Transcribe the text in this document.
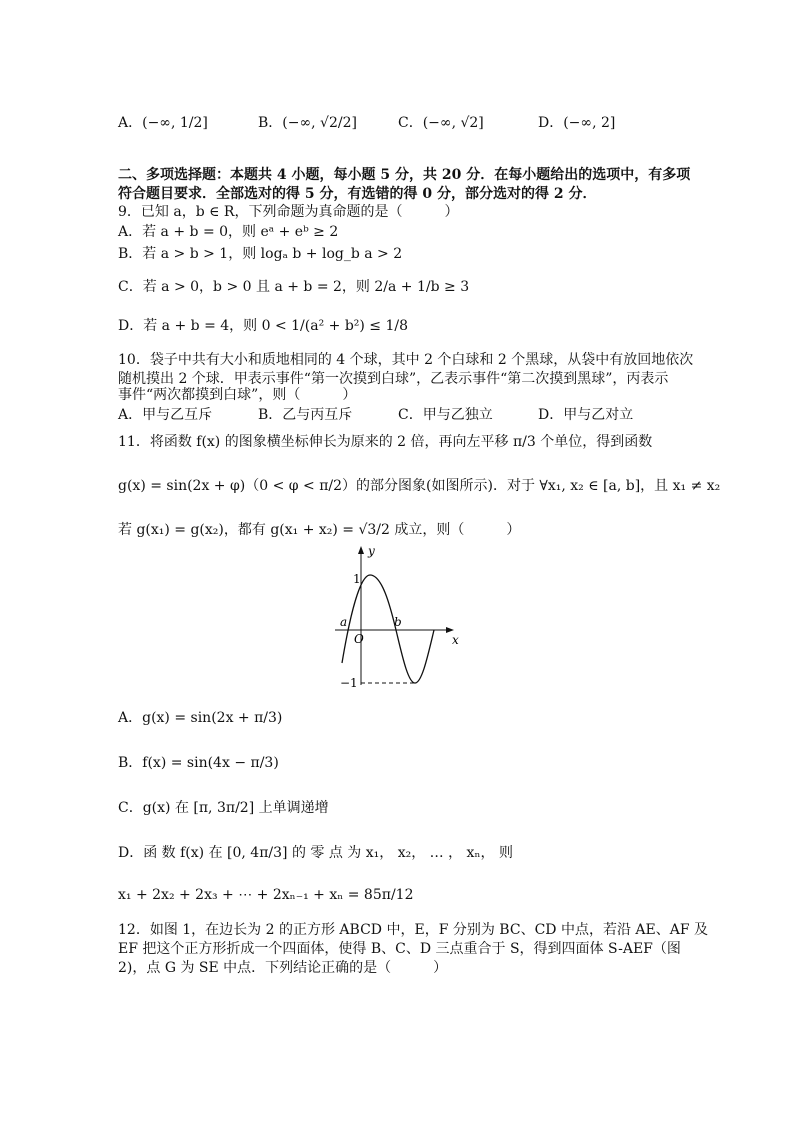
A．(−∞, 1/2]	B．(−∞, √2/2]	C．(−∞, √2]	D．(−∞, 2]
二、多项选择题：本题共 4 小题，每小题 5 分，共 20 分．在每小题给出的选项中，有多项
符合题目要求．全部选对的得 5 分，有选错的得 0 分，部分选对的得 2 分．
9．已知 a，b ∈ R，下列命题为真命题的是（　　　）
A．若 a + b = 0，则 eᵃ + eᵇ ≥ 2
B．若 a > b > 1，则 logₐ b + log_b a > 2
C．若 a > 0，b > 0 且 a + b = 2，则 2/a + 1/b ≥ 3
D．若 a + b = 4，则 0 < 1/(a² + b²) ≤ 1/8
10．袋子中共有大小和质地相同的 4 个球，其中 2 个白球和 2 个黑球，从袋中有放回地依次
随机摸出 2 个球．甲表示事件“第一次摸到白球”，乙表示事件“第二次摸到黑球”，丙表示
事件“两次都摸到白球”，则（　　　）
A．甲与乙互斥	B．乙与丙互斥	C．甲与乙独立	D．甲与乙对立
11．将函数 f(x) 的图象横坐标伸长为原来的 2 倍，再向左平移 π/3 个单位，得到函数
g(x) = sin(2x + φ)（0 < φ < π/2）的部分图象(如图所示)．对于 ∀x₁, x₂ ∈ [a, b]，且 x₁ ≠ x₂
若 g(x₁) = g(x₂)，都有 g(x₁ + x₂) = √3/2 成立，则（　　　）
y
x
1
−1
a
O
b
A．g(x) = sin(2x + π/3)
B．f(x) = sin(4x − π/3)
C．g(x) 在 [π, 3π/2] 上单调递增
D．函 数 f(x) 在 [0, 4π/3] 的 零 点 为 x₁， x₂， … ， xₙ， 则
x₁ + 2x₂ + 2x₃ + ⋯ + 2xₙ₋₁ + xₙ = 85π/12
12．如图 1，在边长为 2 的正方形 ABCD 中，E，F 分别为 BC、CD 中点，若沿 AE、AF 及
EF 把这个正方形折成一个四面体，使得 B、C、D 三点重合于 S，得到四面体 S-AEF（图
2)，点 G 为 SE 中点．下列结论正确的是（　　　）
